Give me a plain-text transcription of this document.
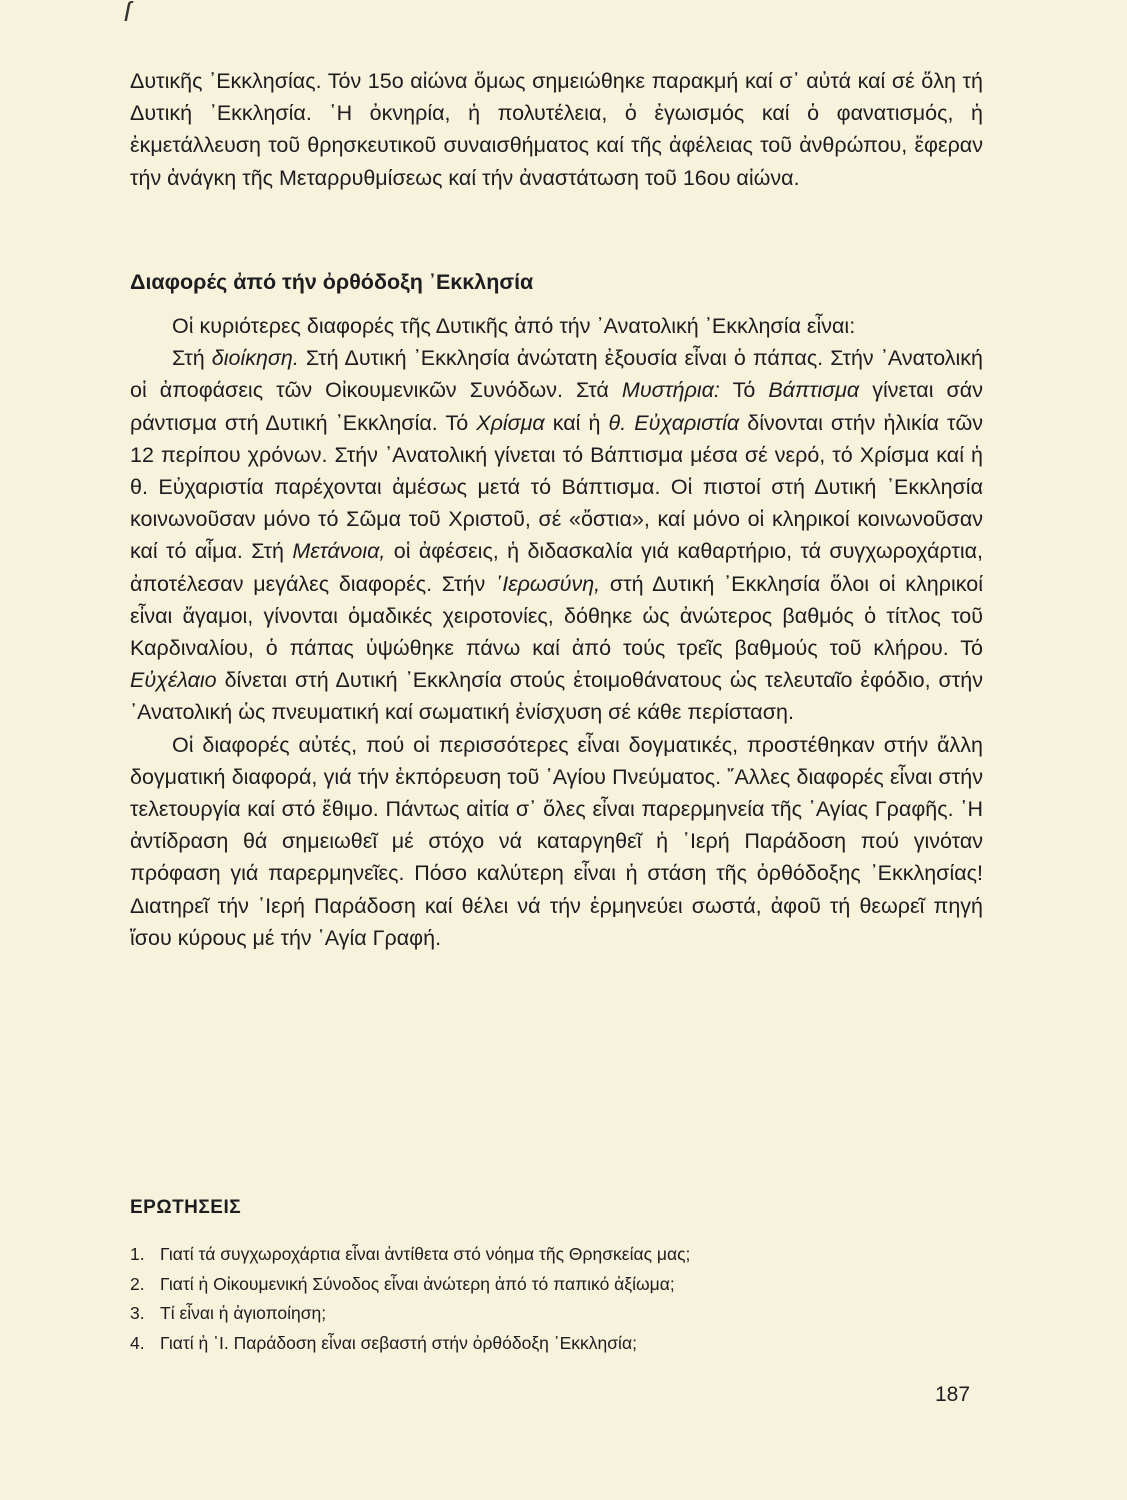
ſ

Δυτικῆς ᾽Εκκλησίας. Τόν 15ο αἰώνα ὅμως σημειώθηκε παρακμή καί σ᾽ αὐτά καί σέ ὅλη τή Δυτική ᾽Εκκλησία. ῾Η ὀκνηρία, ἡ πολυτέλεια, ὁ ἐγωισμός καί ὁ φανατισμός, ἡ ἐκμετάλλευση τοῦ θρησκευτικοῦ συναισθήματος καί τῆς ἀφέλειας τοῦ ἀνθρώπου, ἔφεραν τήν ἀνάγκη τῆς Μεταρρυθμίσεως καί τήν ἀναστάτωση τοῦ 16ου αἰώνα.

Διαφορές ἀπό τήν ὀρθόδοξη ᾽Εκκλησία

Οἱ κυριότερες διαφορές τῆς Δυτικῆς ἀπό τήν ᾽Ανατολική ᾽Εκκλησία εἶναι:

Στή διοίκηση. Στή Δυτική ᾽Εκκλησία ἀνώτατη ἐξουσία εἶναι ὁ πάπας. Στήν ᾽Ανατολική οἱ ἀποφάσεις τῶν Οἰκουμενικῶν Συνόδων. Στά Μυστήρια: Τό Βάπτισμα γίνεται σάν ράντισμα στή Δυτική ᾽Εκκλησία. Τό Χρίσμα καί ἡ θ. Εὐχαριστία δίνονται στήν ἡλικία τῶν 12 περίπου χρόνων. Στήν ᾽Ανατολική γίνεται τό Βάπτισμα μέσα σέ νερό, τό Χρίσμα καί ἡ θ. Εὐχαριστία παρέχονται ἀμέσως μετά τό Βάπτισμα. Οἱ πιστοί στή Δυτική ᾽Εκκλησία κοινωνοῦσαν μόνο τό Σῶμα τοῦ Χριστοῦ, σέ «ὄστια», καί μόνο οἱ κληρικοί κοινωνοῦσαν καί τό αἷμα. Στή Μετάνοια, οἱ ἀφέσεις, ἡ διδασκαλία γιά καθαρτήριο, τά συγχωροχάρτια, ἀποτέλεσαν μεγάλες διαφορές. Στήν ῾Ιερωσύνη, στή Δυτική ᾽Εκκλησία ὅλοι οἱ κληρικοί εἶναι ἄγαμοι, γίνονται ὁμαδικές χειροτονίες, δόθηκε ὡς ἀνώτερος βαθμός ὁ τίτλος τοῦ Καρδιναλίου, ὁ πάπας ὑψώθηκε πάνω καί ἀπό τούς τρεῖς βαθμούς τοῦ κλήρου. Τό Εὐχέλαιο δίνεται στή Δυτική ᾽Εκκλησία στούς ἑτοιμοθάνατους ὡς τελευταῖο ἐφόδιο, στήν ᾽Ανατολική ὡς πνευματική καί σωματική ἐνίσχυση σέ κάθε περίσταση.

Οἱ διαφορές αὐτές, πού οἱ περισσότερες εἶναι δογματικές, προστέθηκαν στήν ἄλλη δογματική διαφορά, γιά τήν ἐκπόρευση τοῦ ῾Αγίου Πνεύματος. ῎Αλλες διαφορές εἶναι στήν τελετουργία καί στό ἔθιμο. Πάντως αἰτία σ᾽ ὅλες εἶναι παρερμηνεία τῆς ῾Αγίας Γραφῆς. ῾Η ἀντίδραση θά σημειωθεῖ μέ στόχο νά καταργηθεῖ ἡ ῾Ιερή Παράδοση πού γινόταν πρόφαση γιά παρερμηνεῖες. Πόσο καλύτερη εἶναι ἡ στάση τῆς ὀρθόδοξης ᾽Εκκλησίας! Διατηρεῖ τήν ῾Ιερή Παράδοση καί θέλει νά τήν ἑρμηνεύει σωστά, ἀφοῦ τή θεωρεῖ πηγή ἴσου κύρους μέ τήν ῾Αγία Γραφή.

ΕΡΩΤΗΣΕΙΣ
1. Γιατί τά συγχωροχάρτια εἶναι ἀντίθετα στό νόημα τῆς Θρησκείας μας;
2. Γιατί ἡ Οἰκουμενική Σύνοδος εἶναι ἀνώτερη ἀπό τό παπικό ἀξίωμα;
3. Τί εἶναι ἡ ἁγιοποίηση;
4. Γιατί ἡ ῾Ι. Παράδοση εἶναι σεβαστή στήν ὀρθόδοξη ᾽Εκκλησία;

187
